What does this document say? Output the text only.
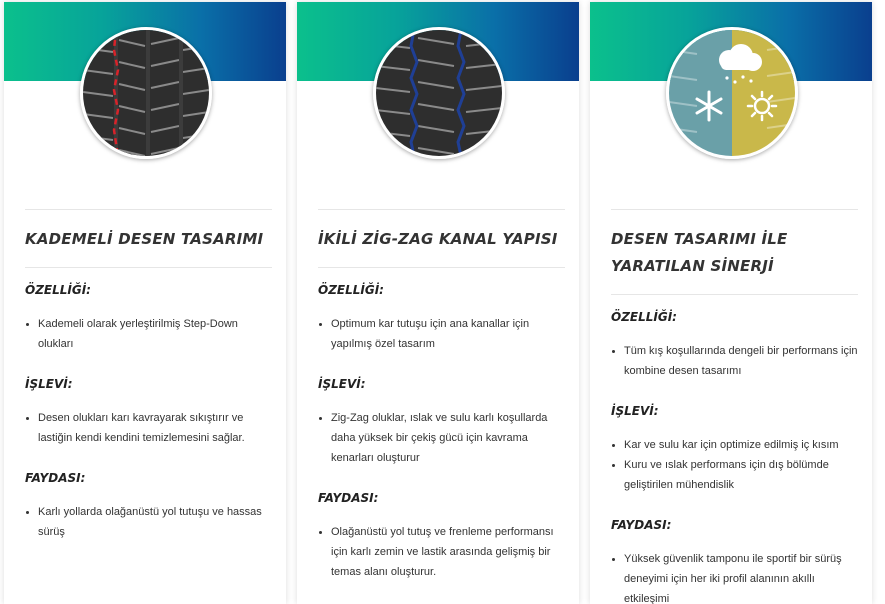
KADEMELİ DESEN TASARIMI
ÖZELLİĞİ:
Kademeli olarak yerleştirilmiş Step-Down olukları
İŞLEVİ:
Desen olukları karı kavrayarak sıkıştırır ve lastiğin kendi kendini temizlemesini sağlar.
FAYDASI:
Karlı yollarda olağanüstü yol tutuşu ve hassas sürüş
İKİLİ ZİG-ZAG KANAL YAPISI
ÖZELLİĞİ:
Optimum kar tutuşu için ana kanallar için yapılmış özel tasarım
İŞLEVİ:
Zig-Zag oluklar, ıslak ve sulu karlı koşullarda daha yüksek bir çekiş gücü için kavrama kenarları oluşturur
FAYDASI:
Olağanüstü yol tutuş ve frenleme performansı için karlı zemin ve lastik arasında gelişmiş bir temas alanı oluşturur.
DESEN TASARIMI İLE YARATILAN SİNERJİ
ÖZELLİĞİ:
Tüm kış koşullarında dengeli bir performans için kombine desen tasarımı
İŞLEVİ:
Kar ve sulu kar için optimize edilmiş iç kısım
Kuru ve ıslak performans için dış bölümde geliştirilen mühendislik
FAYDASI:
Yüksek güvenlik tamponu ile sportif bir sürüş deneyimi için her iki profil alanının akıllı etkileşimi
